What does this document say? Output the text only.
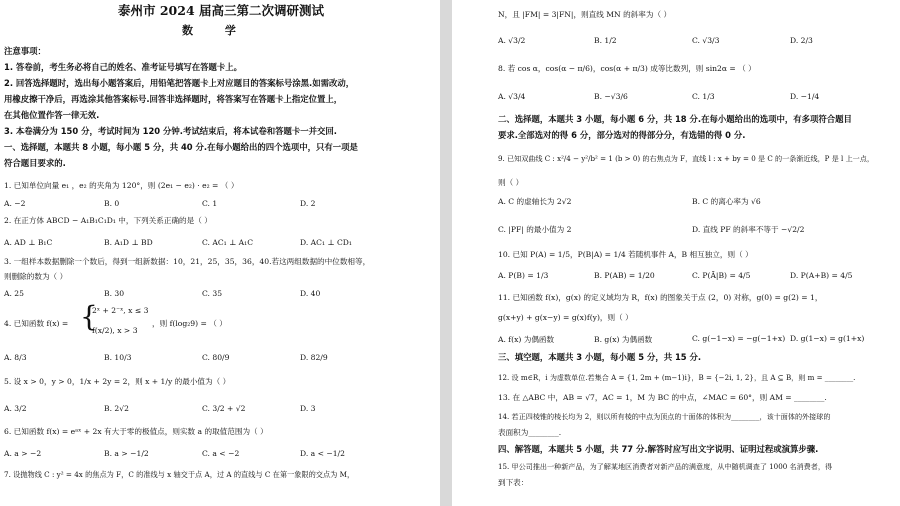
泰州市 2024 届高三第二次调研测试
数 学
注意事项：
1. 答卷前，考生务必将自己的姓名、准考证号填写在答题卡上。
2. 回答选择题时，选出每小题答案后，用铅笔把答题卡上对应题目的答案标号涂黑.如需改动，
用橡皮擦干净后，再选涂其他答案标号.回答非选择题时，将答案写在答题卡上指定位置上，
在其他位置作答一律无效.
3. 本卷满分为 150 分，考试时间为 120 分钟.考试结束后，将本试卷和答题卡一并交回.
一、选择题，本题共 8 小题，每小题 5 分，共 40 分.在每小题给出的四个选项中，只有一项是
符合题目要求的.
1. 已知单位向量 e₁ ，e₂ 的夹角为 120°，则 (2e₁ − e₂) · e₂ = （ ）
A. −2	B. 0	C. 1	D. 2
2. 在正方体 ABCD − A₁B₁C₁D₁ 中，下列关系正确的是（ ）
A. AD ⊥ B₁C	B. A₁D ⊥ BD	C. AC₁ ⊥ A₁C	D. AC₁ ⊥ CD₁
3. 一组样本数据删除一个数后，得到一组新数据：10，21，25，35，36，40.若这两组数据的中位数相等，
则删除的数为（ ）
A. 25	B. 30	C. 35	D. 40
4. 已知函数 f(x) = {
2ˣ + 2⁻ˣ, x ≤ 3
f(x/2), x > 3
，则 f(log₂9) = （ ）
A. 8/3	B. 10/3	C. 80/9	D. 82/9
5. 设 x > 0，y > 0，1/x + 2y = 2，则 x + 1/y 的最小值为（ ）
A. 3/2	B. 2√2	C. 3/2 + √2	D. 3
6. 已知函数 f(x) = eᵃˣ + 2x 有大于零的极值点，则实数 a 的取值范围为（ ）
A. a > −2	B. a > −1/2	C. a < −2	D. a < −1/2
7. 设抛物线 C : y² = 4x 的焦点为 F，C 的准线与 x 轴交于点 A，过 A 的直线与 C 在第一象限的交点为 M，
N，且 |FM| = 3|FN|，则直线 MN 的斜率为（ ）
A. √3/2	B. 1/2	C. √3/3	D. 2/3
8. 若 cos α，cos(α − π/6)，cos(α + π/3) 成等比数列，则 sin2α = （ ）
A. √3/4	B. −√3/6	C. 1/3	D. −1/4
二、选择题，本题共 3 小题，每小题 6 分，共 18 分.在每小题给出的选项中，有多项符合题目
要求.全部选对的得 6 分，部分选对的得部分分，有选错的得 0 分.
9. 已知双曲线 C : x²/4 − y²/b² = 1 (b > 0) 的右焦点为 F，直线 l : x + by = 0 是 C 的一条渐近线，P 是 l 上一点，
则（ ）
A. C 的虚轴长为 2√2	B. C 的离心率为 √6
C. |PF| 的最小值为 2	D. 直线 PF 的斜率不等于 −√2/2
10. 已知 P(A) = 1/5，P(B|A) = 1/4 若随机事件 A，B 相互独立，则（ ）
A. P(B) = 1/3	B. P(AB) = 1/20	C. P(Ā|B) = 4/5	D. P(A+B) = 4/5
11. 已知函数 f(x)，g(x) 的定义域均为 R，f(x) 的图象关于点 (2，0) 对称，g(0) = g(2) = 1，
g(x+y) + g(x−y) = g(x)f(y)，则（ ）
A. f(x) 为偶函数	B. g(x) 为偶函数	C. g(−1−x) = −g(−1+x) D. g(1−x) = g(1+x)
三、填空题，本题共 3 小题，每小题 5 分，共 15 分.
12. 设 m∈R，i 为虚数单位.若集合 A = {1, 2m + (m−1)i}，B = {−2i, 1, 2}，且 A ⊆ B，则 m = ________.
13. 在 △ABC 中，AB = √7，AC = 1，M 为 BC 的中点，∠MAC = 60°，则 AM = ________.
14. 若正四棱锥的棱长均为 2，则以所有棱的中点为顶点的十面体的体积为________，该十面体的外接球的
表面积为________.
四、解答题，本题共 5 小题，共 77 分.解答时应写出文字说明、证明过程或演算步骤.
15. 甲公司推出一种新产品，为了解某地区消费者对新产品的满意度，从中随机调查了 1000 名消费者，得
到下表：
